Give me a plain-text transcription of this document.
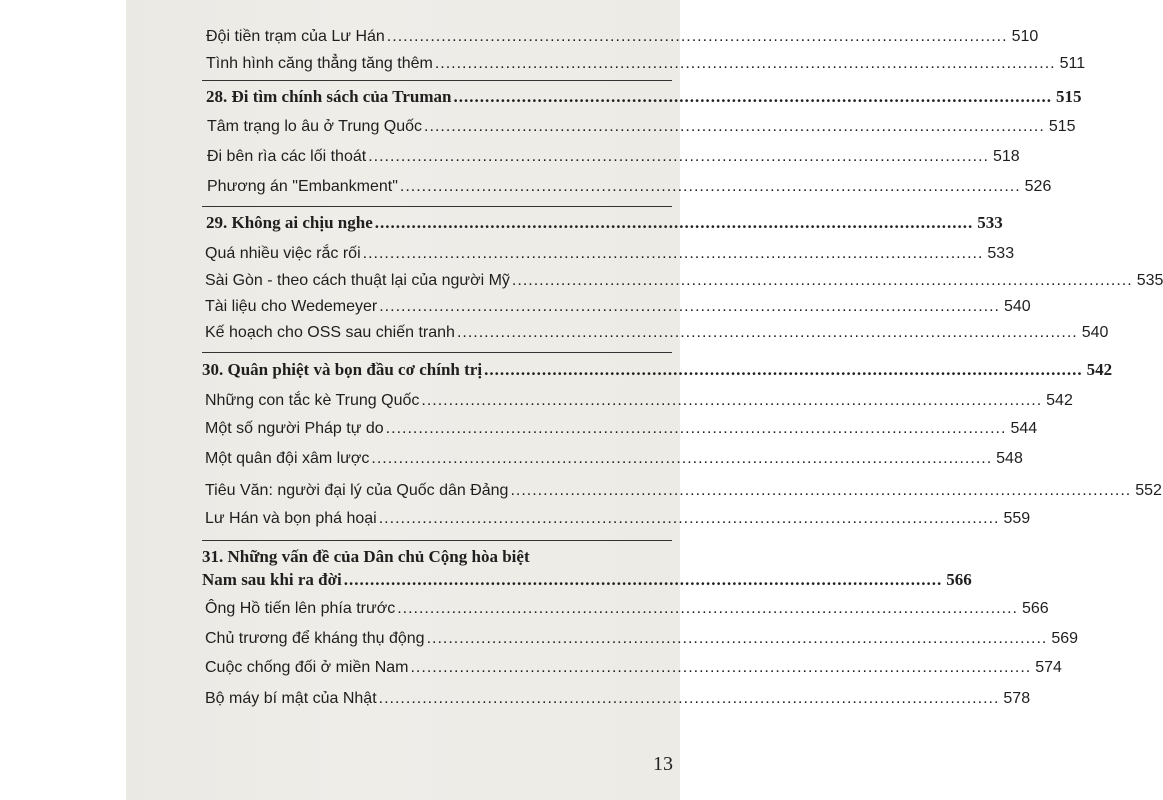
Đội tiền trạm của Lư Hán .................................................................................................................. 510
Tình hình căng thẳng tăng thêm .................................................................................................................. 511
28. Đi tìm chính sách của Truman .................................................................................................................. 515
Tâm trạng lo âu ở Trung Quốc .................................................................................................................. 515
Đi bên rìa các lối thoát .................................................................................................................. 518
Phương án "Embankment" .................................................................................................................. 526
29. Không ai chịu nghe .................................................................................................................. 533
Quá nhiều việc rắc rối .................................................................................................................. 533
Sài Gòn - theo cách thuật lại của người Mỹ .................................................................................................................. 535
Tài liệu cho Wedemeyer .................................................................................................................. 540
Kế hoạch cho OSS sau chiến tranh .................................................................................................................. 540
30. Quân phiệt và bọn đầu cơ chính trị .................................................................................................................. 542
Những con tắc kè Trung Quốc .................................................................................................................. 542
Một số người Pháp tự do .................................................................................................................. 544
Một quân đội xâm lược .................................................................................................................. 548
Tiêu Văn: người đại lý của Quốc dân Đảng .................................................................................................................. 552
Lư Hán và bọn phá hoại .................................................................................................................. 559
31. Những vấn đề của Dân chủ Cộng hòa biệt
Nam sau khi ra đời .................................................................................................................. 566
Ông Hồ tiến lên phía trước .................................................................................................................. 566
Chủ trương để kháng thụ động .................................................................................................................. 569
Cuộc chống đối ở miền Nam .................................................................................................................. 574
Bộ máy bí mật của Nhật .................................................................................................................. 578
13
